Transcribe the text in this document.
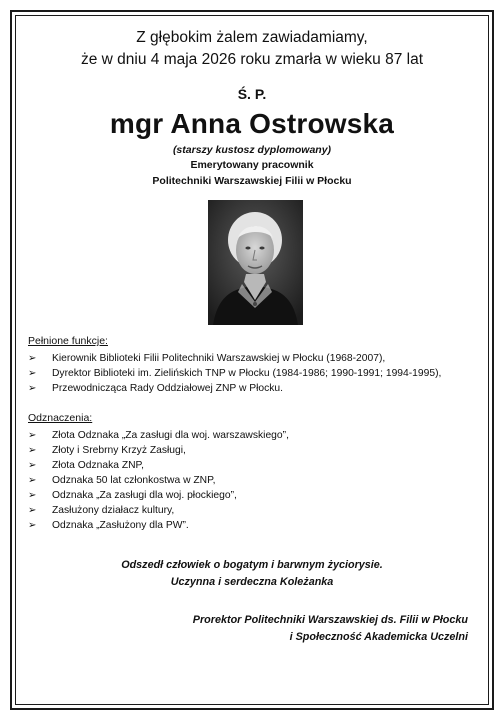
Z głębokim żalem zawiadamiamy,
że w dniu 4 maja 2026 roku zmarła w wieku 87 lat
Ś. P.
mgr Anna Ostrowska
(starszy kustosz dyplomowany)
Emerytowany pracownik
Politechniki Warszawskiej Filii w Płocku
Pełnione funkcje:
➢	Kierownik Biblioteki Filii Politechniki Warszawskiej w Płocku (1968-2007),
➢	Dyrektor Biblioteki im. Zielińskich TNP w Płocku (1984-1986; 1990-1991; 1994-1995),
➢	Przewodnicząca Rady Oddziałowej ZNP w Płocku.
Odznaczenia:
➢	Złota Odznaka „Za zasługi dla woj. warszawskiego”,
➢	Złoty i Srebrny Krzyż Zasługi,
➢	Złota Odznaka ZNP,
➢	Odznaka 50 lat członkostwa w ZNP,
➢	Odznaka „Za zasługi dla woj. płockiego”,
➢	Zasłużony działacz kultury,
➢	Odznaka „Zasłużony dla PW”.
Odszedł człowiek o bogatym i barwnym życiorysie.
Uczynna i serdeczna Koleżanka
Prorektor Politechniki Warszawskiej ds. Filii w Płocku
i Społeczność Akademicka Uczelni
